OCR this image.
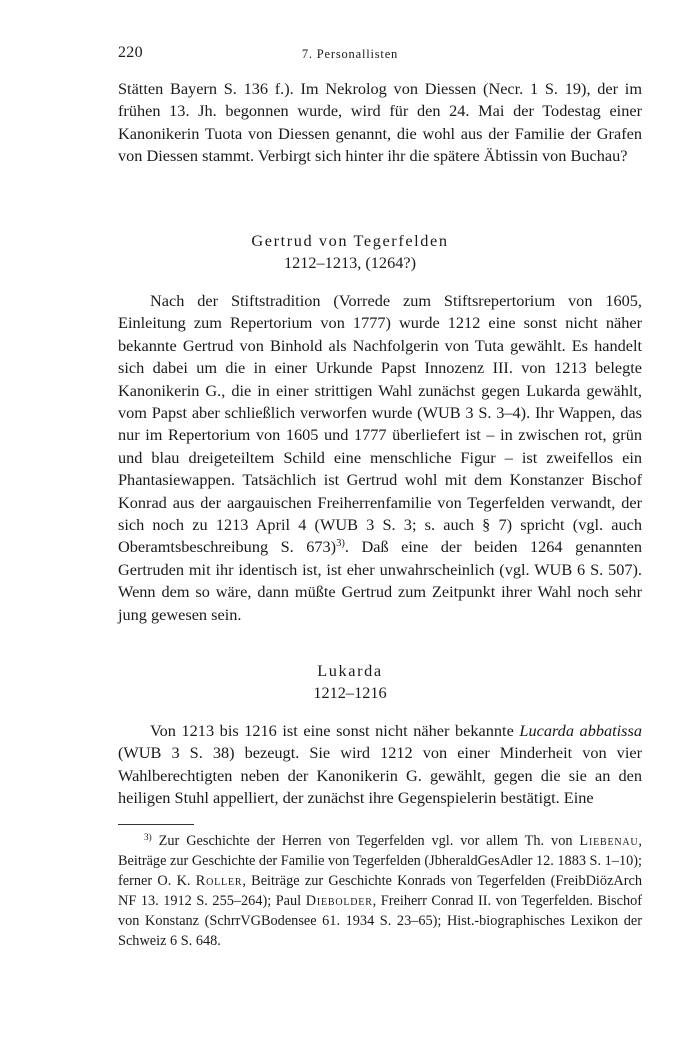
220	7. Personallisten

Stätten Bayern S. 136 f.). Im Nekrolog von Diessen (Necr. 1 S. 19), der im frühen 13. Jh. begonnen wurde, wird für den 24. Mai der Todestag einer Kanonikerin Tuota von Diessen genannt, die wohl aus der Familie der Grafen von Diessen stammt. Verbirgt sich hinter ihr die spätere Äbtissin von Buchau?

Gertrud von Tegerfelden
1212–1213, (1264?)

Nach der Stiftstradition (Vorrede zum Stiftsrepertorium von 1605, Einleitung zum Repertorium von 1777) wurde 1212 eine sonst nicht näher bekannte Gertrud von Binhold als Nachfolgerin von Tuta gewählt. Es handelt sich dabei um die in einer Urkunde Papst Innozenz III. von 1213 belegte Kanonikerin G., die in einer strittigen Wahl zunächst gegen Lukarda gewählt, vom Papst aber schließlich verworfen wurde (WUB 3 S. 3–4). Ihr Wappen, das nur im Repertorium von 1605 und 1777 überliefert ist – in zwischen rot, grün und blau dreigeteiltem Schild eine menschliche Figur – ist zweifellos ein Phantasiewappen. Tatsächlich ist Gertrud wohl mit dem Konstanzer Bischof Konrad aus der aargauischen Freiherrenfamilie von Tegerfelden verwandt, der sich noch zu 1213 April 4 (WUB 3 S. 3; s. auch § 7) spricht (vgl. auch Oberamtsbeschreibung S. 673)$^{3)}$. Daß eine der beiden 1264 genannten Gertruden mit ihr identisch ist, ist eher unwahrscheinlich (vgl. WUB 6 S. 507). Wenn dem so wäre, dann müßte Gertrud zum Zeitpunkt ihrer Wahl noch sehr jung gewesen sein.

Lukarda
1212–1216

Von 1213 bis 1216 ist eine sonst nicht näher bekannte Lucarda abbatissa (WUB 3 S. 38) bezeugt. Sie wird 1212 von einer Minderheit von vier Wahlberechtigten neben der Kanonikerin G. gewählt, gegen die sie an den heiligen Stuhl appelliert, der zunächst ihre Gegenspielerin bestätigt. Eine

$^{3)}$ Zur Geschichte der Herren von Tegerfelden vgl. vor allem Th. von Liebenau, Beiträge zur Geschichte der Familie von Tegerfelden (JbheraldGesAdler 12. 1883 S. 1–10); ferner O. K. Roller, Beiträge zur Geschichte Konrads von Tegerfelden (FreibDiözArch NF 13. 1912 S. 255–264); Paul Diebolder, Freiherr Conrad II. von Tegerfelden. Bischof von Konstanz (SchrrVGBodensee 61. 1934 S. 23–65); Hist.-biographisches Lexikon der Schweiz 6 S. 648.
